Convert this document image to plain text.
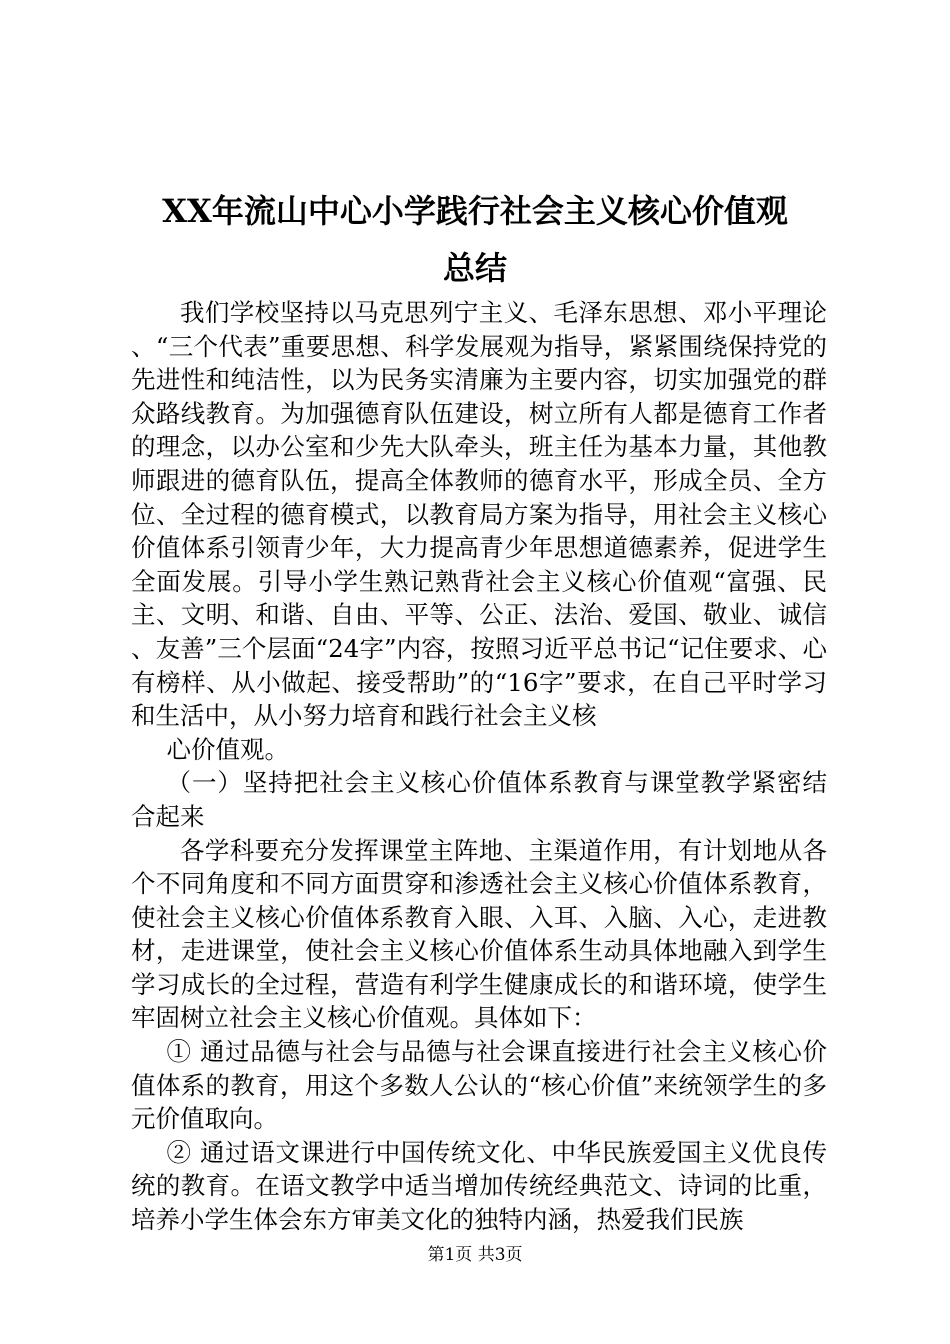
XX年流山中心小学践行社会主义核心价值观
总结

我们学校坚持以马克思列宁主义、毛泽东思想、邓小平理论、“三个代表”重要思想、科学发展观为指导，紧紧围绕保持党的先进性和纯洁性，以为民务实清廉为主要内容，切实加强党的群众路线教育。为加强德育队伍建设，树立所有人都是德育工作者的理念，以办公室和少先大队牵头，班主任为基本力量，其他教师跟进的德育队伍，提高全体教师的德育水平，形成全员、全方位、全过程的德育模式，以教育局方案为指导，用社会主义核心价值体系引领青少年，大力提高青少年思想道德素养，促进学生全面发展。引导小学生熟记熟背社会主义核心价值观“富强、民主、文明、和谐、自由、平等、公正、法治、爱国、敬业、诚信、友善”三个层面“24字”内容，按照习近平总书记“记住要求、心有榜样、从小做起、接受帮助”的“16字”要求，在自己平时学习和生活中，从小努力培育和践行社会主义核

心价值观。

（一）坚持把社会主义核心价值体系教育与课堂教学紧密结合起来

各学科要充分发挥课堂主阵地、主渠道作用，有计划地从各个不同角度和不同方面贯穿和渗透社会主义核心价值体系教育，使社会主义核心价值体系教育入眼、入耳、入脑、入心，走进教材，走进课堂，使社会主义核心价值体系生动具体地融入到学生学习成长的全过程，营造有利学生健康成长的和谐环境，使学生牢固树立社会主义核心价值观。具体如下：

① 通过品德与社会与品德与社会课直接进行社会主义核心价值体系的教育，用这个多数人公认的“核心价值”来统领学生的多元价值取向。

② 通过语文课进行中国传统文化、中华民族爱国主义优良传统的教育。在语文教学中适当增加传统经典范文、诗词的比重，培养小学生体会东方审美文化的独特内涵，热爱我们民族

第1页 共3页
